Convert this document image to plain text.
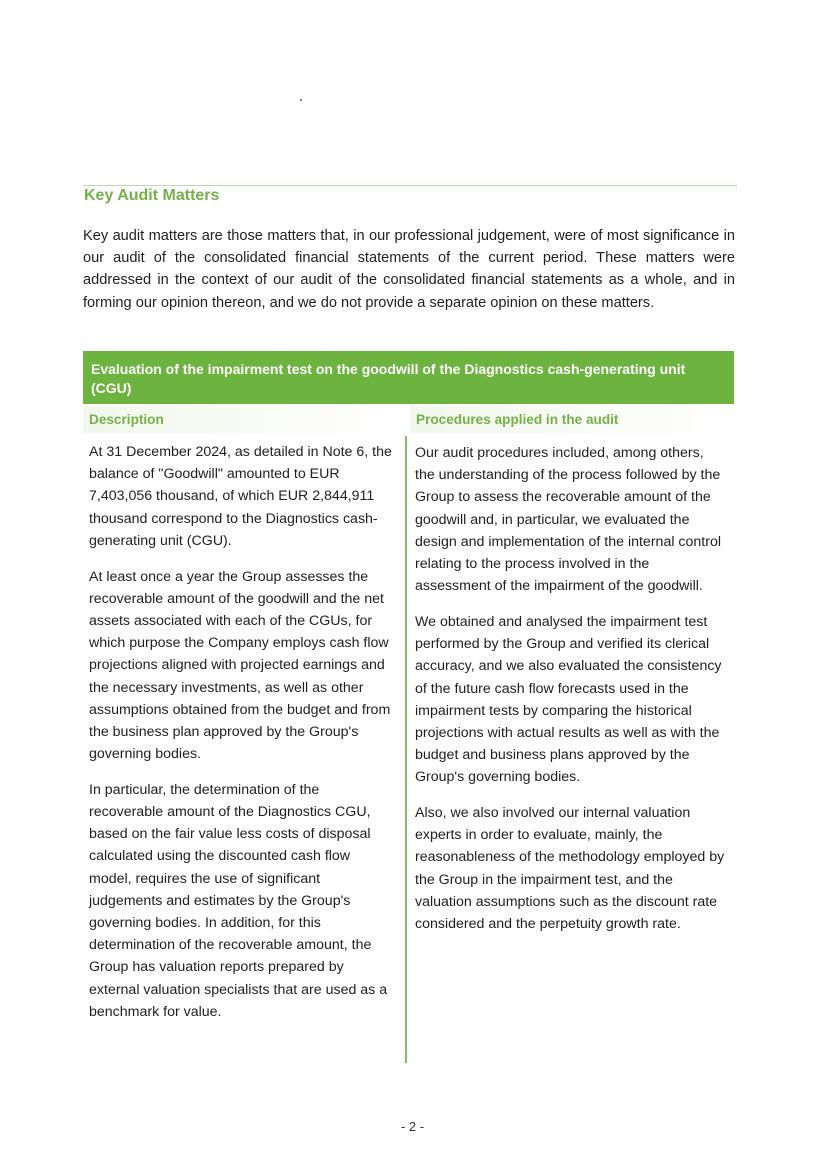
Key Audit Matters

Key audit matters are those matters that, in our professional judgement, were of most significance in our audit of the consolidated financial statements of the current period. These matters were addressed in the context of our audit of the consolidated financial statements as a whole, and in forming our opinion thereon, and we do not provide a separate opinion on these matters.

Evaluation of the impairment test on the goodwill of the Diagnostics cash-generating unit (CGU)
Description	Procedures applied in the audit

At 31 December 2024, as detailed in Note 6, the balance of "Goodwill" amounted to EUR 7,403,056 thousand, of which EUR 2,844,911 thousand correspond to the Diagnostics cash-generating unit (CGU).

At least once a year the Group assesses the recoverable amount of the goodwill and the net assets associated with each of the CGUs, for which purpose the Company employs cash flow projections aligned with projected earnings and the necessary investments, as well as other assumptions obtained from the budget and from the business plan approved by the Group's governing bodies.

In particular, the determination of the recoverable amount of the Diagnostics CGU, based on the fair value less costs of disposal calculated using the discounted cash flow model, requires the use of significant judgements and estimates by the Group's governing bodies. In addition, for this determination of the recoverable amount, the Group has valuation reports prepared by external valuation specialists that are used as a benchmark for value.

Our audit procedures included, among others, the understanding of the process followed by the Group to assess the recoverable amount of the goodwill and, in particular, we evaluated the design and implementation of the internal control relating to the process involved in the assessment of the impairment of the goodwill.

We obtained and analysed the impairment test performed by the Group and verified its clerical accuracy, and we also evaluated the consistency of the future cash flow forecasts used in the impairment tests by comparing the historical projections with actual results as well as with the budget and business plans approved by the Group's governing bodies.

Also, we also involved our internal valuation experts in order to evaluate, mainly, the reasonableness of the methodology employed by the Group in the impairment test, and the valuation assumptions such as the discount rate considered and the perpetuity growth rate.

- 2 -
